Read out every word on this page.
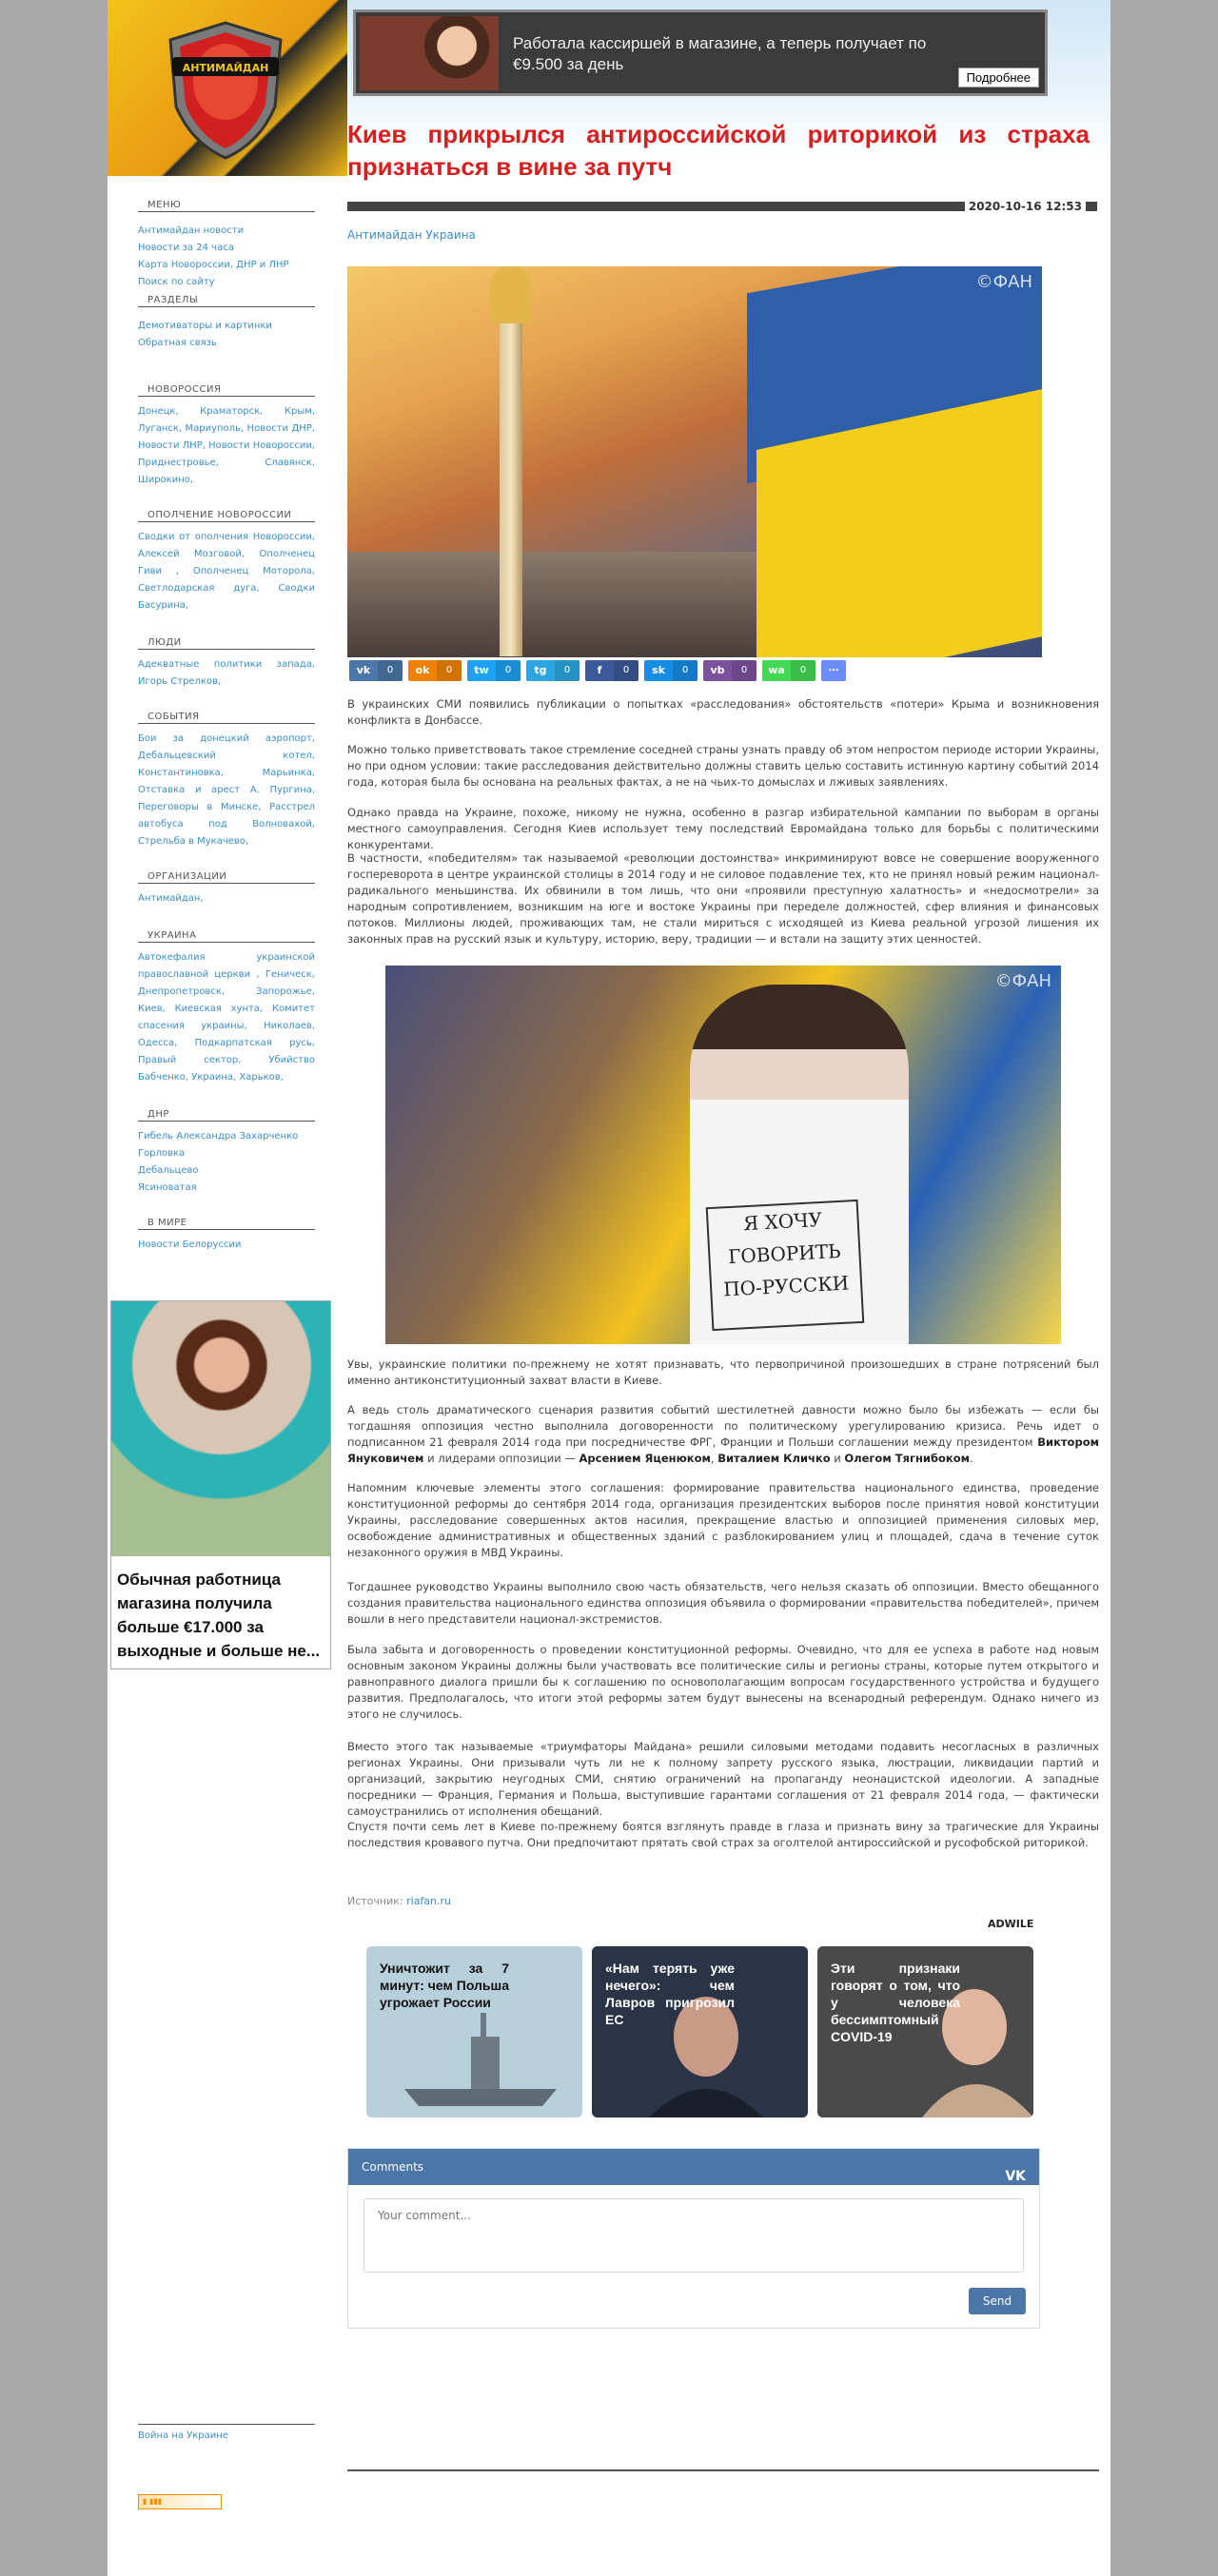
АНТИМАЙДАН
Работала кассиршей в магазине, а теперь получает по €9.500 за день
Подробнее
Киев прикрылся антироссийской риторикой из страха признаться в вине за путч
2020-10-16 12:53
Антимайдан Украина
©ФАН
vk	0	ok	0	tw	0	tg	0	f	0	sk	0	vb	0	wa	0	⋯

В украинских СМИ появились публикации о попытках «расследования» обстоятельств «потери» Крыма и возникновения конфликта в Донбассе.

Можно только приветствовать такое стремление соседней страны узнать правду об этом непростом периоде истории Украины, но при одном условии: такие расследования действительно должны ставить целью составить истинную картину событий 2014 года, которая была бы основана на реальных фактах, а не на чьих-то домыслах и лживых заявлениях.

Однако правда на Украине, похоже, никому не нужна, особенно в разгар избирательной кампании по выборам в органы местного самоуправления. Сегодня Киев использует тему последствий Евромайдана только для борьбы с политическими конкурентами.

В частности, «победителям» так называемой «революции достоинства» инкриминируют вовсе не совершение вооруженного госпереворота в центре украинской столицы в 2014 году и не силовое подавление тех, кто не принял новый режим национал-радикального меньшинства. Их обвинили в том лишь, что они «проявили преступную халатность» и «недосмотрели» за народным сопротивлением, возникшим на юге и востоке Украины при переделе должностей, сфер влияния и финансовых потоков. Миллионы людей, проживающих там, не стали мириться с исходящей из Киева реальной угрозой лишения их законных прав на русский язык и культуру, историю, веру, традиции — и встали на защиту этих ценностей.

Я ХОЧУ ГОВОРИТЬ ПО-РУССКИ
©ФАН

Увы, украинские политики по-прежнему не хотят признавать, что первопричиной произошедших в стране потрясений был именно антиконституционный захват власти в Киеве.

А ведь столь драматического сценария развития событий шестилетней давности можно было бы избежать — если бы тогдашняя оппозиция честно выполнила договоренности по политическому урегулированию кризиса. Речь идет о подписанном 21 февраля 2014 года при посредничестве ФРГ, Франции и Польши соглашении между президентом Виктором Януковичем и лидерами оппозиции — Арсением Яценюком, Виталием Кличко и Олегом Тягнибоком.

Напомним ключевые элементы этого соглашения: формирование правительства национального единства, проведение конституционной реформы до сентября 2014 года, организация президентских выборов после принятия новой конституции Украины, расследование совершенных актов насилия, прекращение властью и оппозицией применения силовых мер, освобождение административных и общественных зданий с разблокированием улиц и площадей, сдача в течение суток незаконного оружия в МВД Украины.

Тогдашнее руководство Украины выполнило свою часть обязательств, чего нельзя сказать об оппозиции. Вместо обещанного создания правительства национального единства оппозиция объявила о формировании «правительства победителей», причем вошли в него представители национал-экстремистов.

Была забыта и договоренность о проведении конституционной реформы. Очевидно, что для ее успеха в работе над новым основным законом Украины должны были участвовать все политические силы и регионы страны, которые путем открытого и равноправного диалога пришли бы к соглашению по основополагающим вопросам государственного устройства и будущего развития. Предполагалось, что итоги этой реформы затем будут вынесены на всенародный референдум. Однако ничего из этого не случилось.

Вместо этого так называемые «триумфаторы Майдана» решили силовыми методами подавить несогласных в различных регионах Украины. Они призывали чуть ли не к полному запрету русского языка, люстрации, ликвидации партий и организаций, закрытию неугодных СМИ, снятию ограничений на пропаганду неонацистской идеологии. А западные посредники — Франция, Германия и Польша, выступившие гарантами соглашения от 21 февраля 2014 года, — фактически самоустранились от исполнения обещаний.

Спустя почти семь лет в Киеве по-прежнему боятся взглянуть правде в глаза и признать вину за трагические для Украины последствия кровавого путча. Они предпочитают прятать свой страх за оголтелой антироссийской и русофобской риторикой.

Источник: riafan.ru
ADWILE
Уничтожит за 7 минут: чем Польша угрожает России
«Нам терять уже нечего»: чем Лавров пригрозил ЕС
Эти признаки говорят о том, что у человека бессимптомный COVID-19
Comments
VK
Your comment...
Send
МЕНЮ
Антимайдан новости
Новости за 24 часа
Карта Новороссии, ДНР и ЛНР
Поиск по сайту
РАЗДЕЛЫ
Демотиваторы и картинки
Обратная связь
НОВОРОССИЯ
Донецк, Краматорск, Крым, Луганск, Мариуполь, Новости ДНР, Новости ЛНР, Новости Новороссии, Приднестровье, Славянск, Широкино,
ОПОЛЧЕНИЕ НОВОРОССИИ
Сводки от ополчения Новороссии, Алексей Мозговой, Ополченец Гиви , Ополченец Моторола, Светлодарская дуга, Сводки Басурина,
ЛЮДИ
Адекватные политики запада, Игорь Стрелков,
СОБЫТИЯ
Бои за донецкий аэропорт, Дебальцевский котел, Константиновка, Марьинка, Отставка и арест А. Пургина, Переговоры в Минске, Расстрел автобуса под Волновахой, Стрельба в Мукачево,
ОРГАНИЗАЦИИ
Антимайдан,
УКРАИНА
Автокефалия украинской православной церкви , Геническ, Днепропетровск, Запорожье, Киев, Киевская хунта, Комитет спасения украины, Николаев, Одесса, Подкарпатская русь, Правый сектор, Убийство Бабченко, Украина, Харьков,
ДНР
Гибель Александра Захарченко
Горловка
Дебальцево
Ясиноватая
В МИРЕ
Новости Белоруссии
Обычная работница магазина получила больше €17.000 за выходные и больше не...
Война на Украине
▮ ▮▮▮
